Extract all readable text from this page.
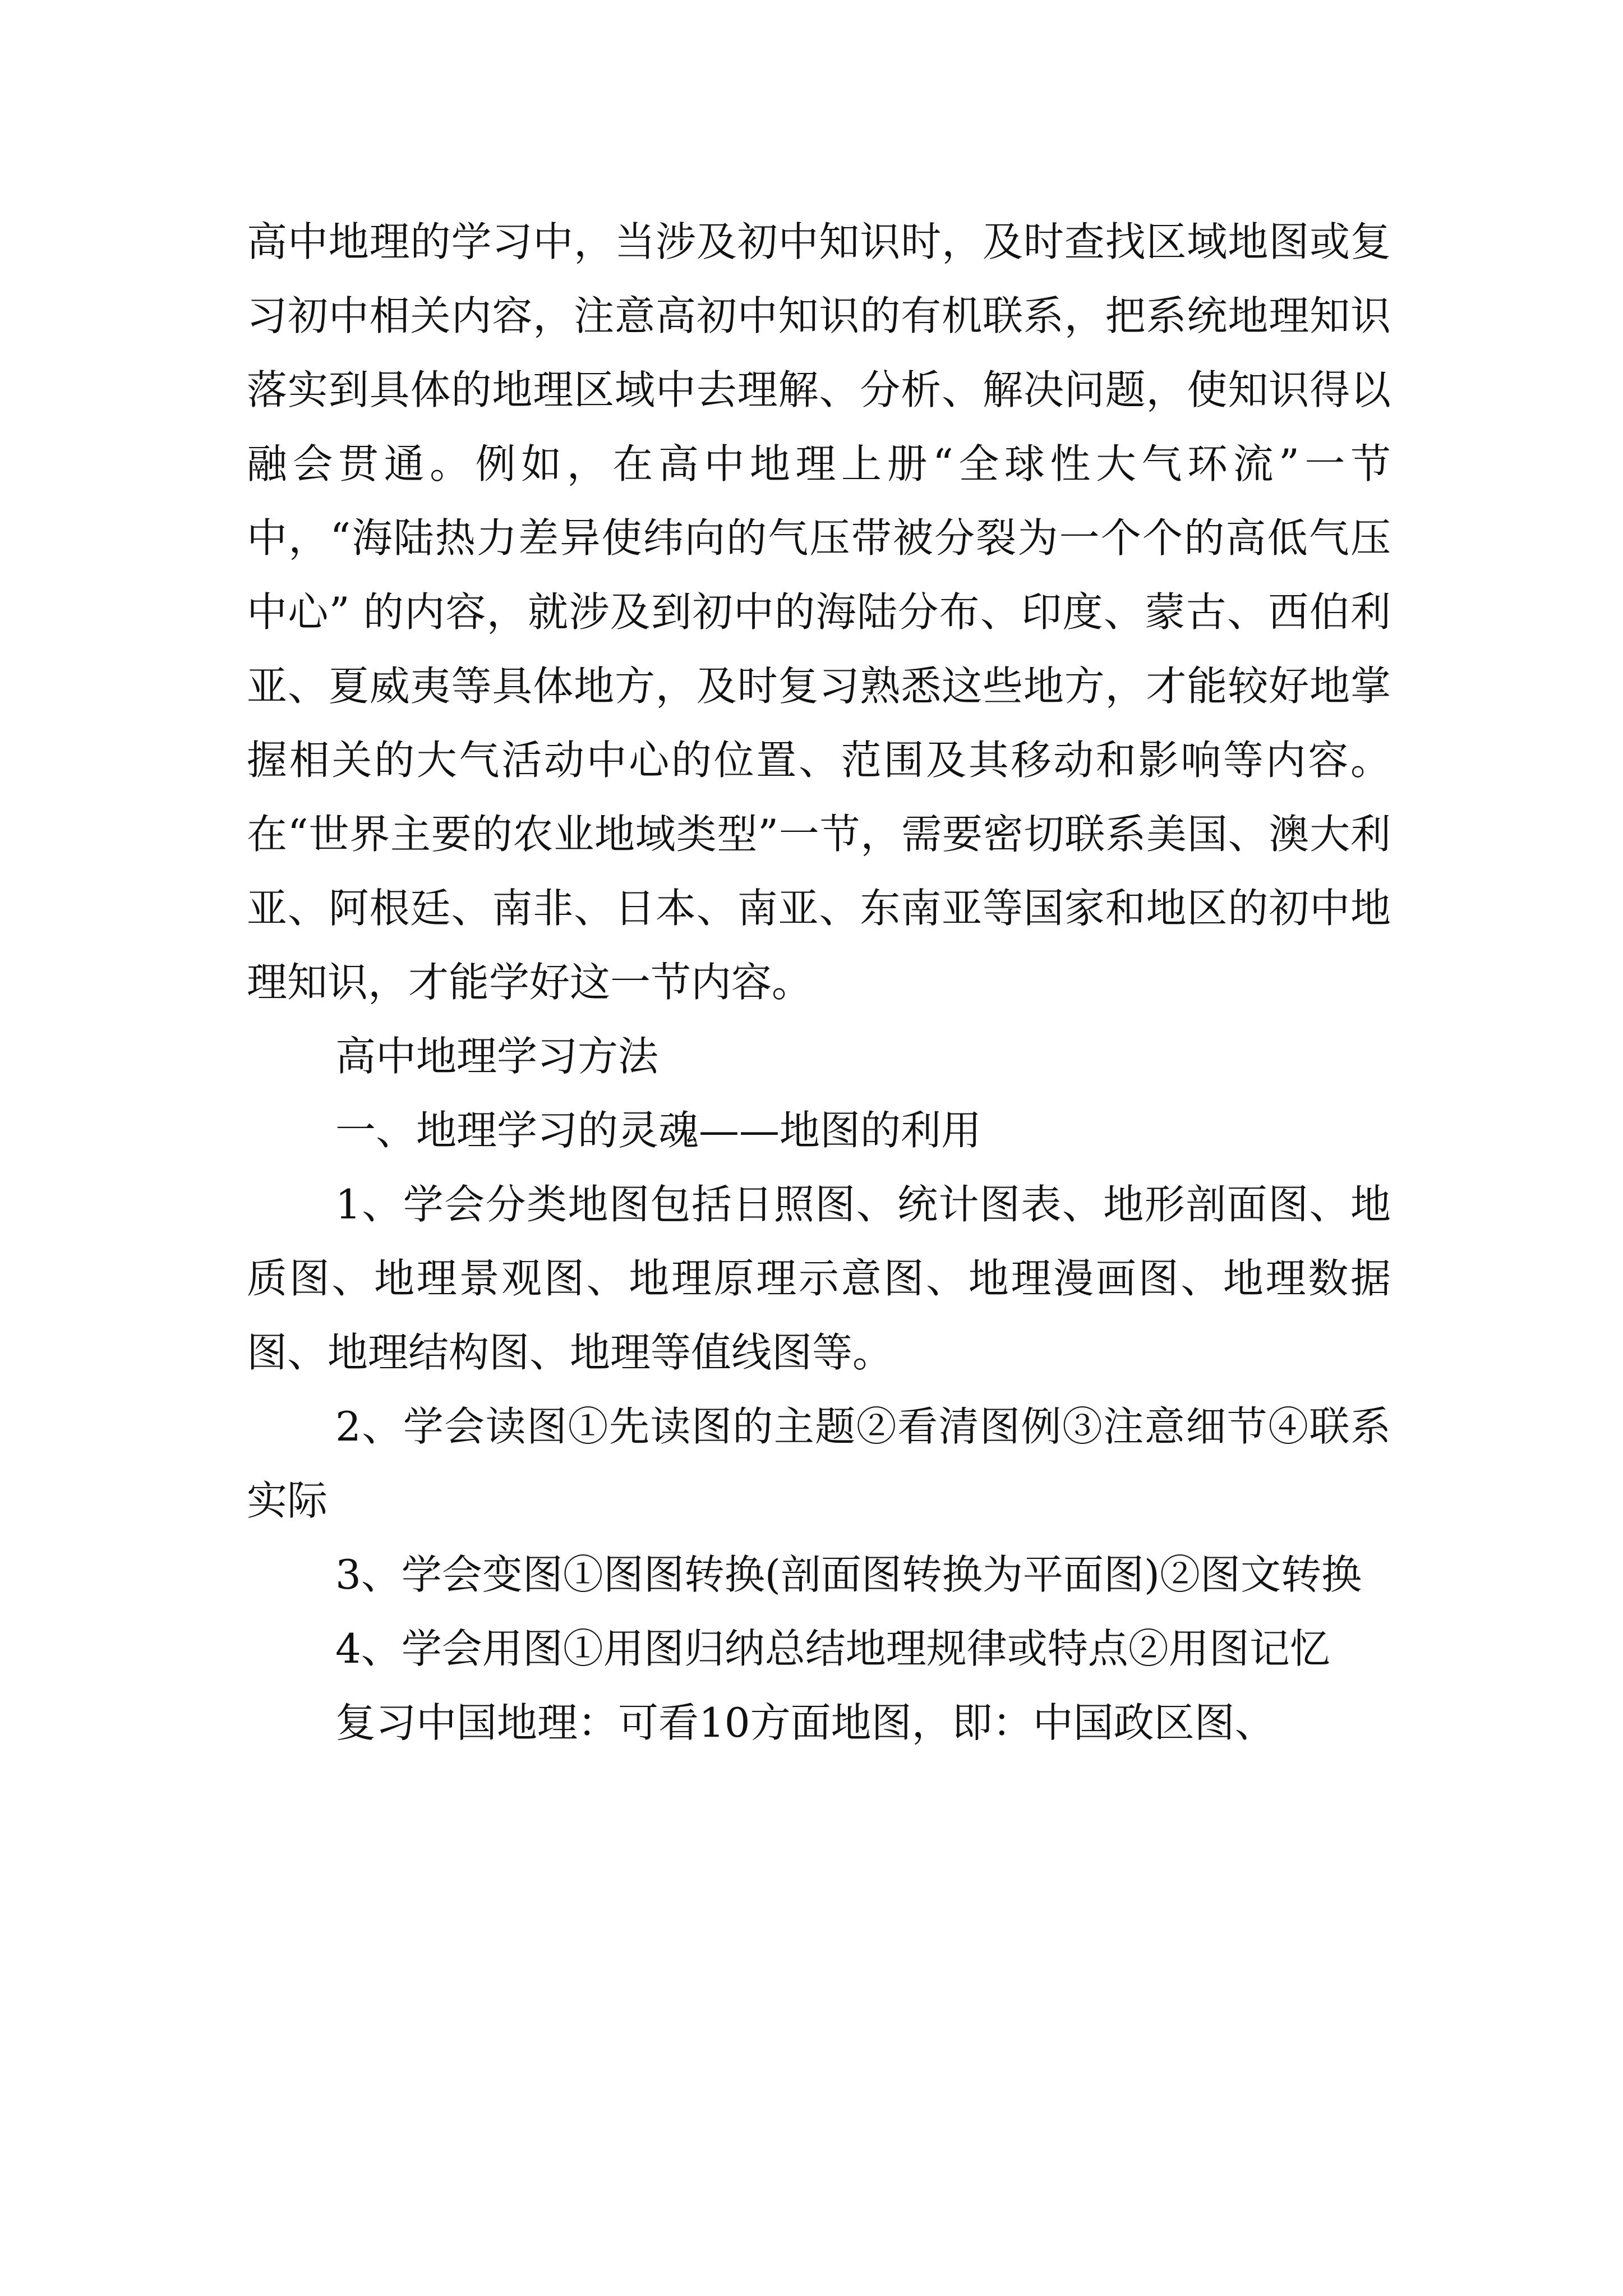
高中地理的学习中，当涉及初中知识时，及时查找区域地图或复习初中相关内容，注意高初中知识的有机联系，把系统地理知识落实到具体的地理区域中去理解、分析、解决问题，使知识得以融会贯通。例如，在高中地理上册“全球性大气环流”一节中，“海陆热力差异使纬向的气压带被分裂为一个个的高低气压中心” 的内容，就涉及到初中的海陆分布、印度、蒙古、西伯利亚、夏威夷等具体地方，及时复习熟悉这些地方，才能较好地掌握相关的大气活动中心的位置、范围及其移动和影响等内容。在“世界主要的农业地域类型”一节，需要密切联系美国、澳大利亚、阿根廷、南非、日本、南亚、东南亚等国家和地区的初中地理知识，才能学好这一节内容。

高中地理学习方法

一、地理学习的灵魂——地图的利用

1、学会分类地图包括日照图、统计图表、地形剖面图、地质图、地理景观图、地理原理示意图、地理漫画图、地理数据图、地理结构图、地理等值线图等。

2、学会读图①先读图的主题②看清图例③注意细节④联系实际

3、学会变图①图图转换(剖面图转换为平面图)②图文转换

4、学会用图①用图归纳总结地理规律或特点②用图记忆

复习中国地理：可看10方面地图，即：中国政区图、
